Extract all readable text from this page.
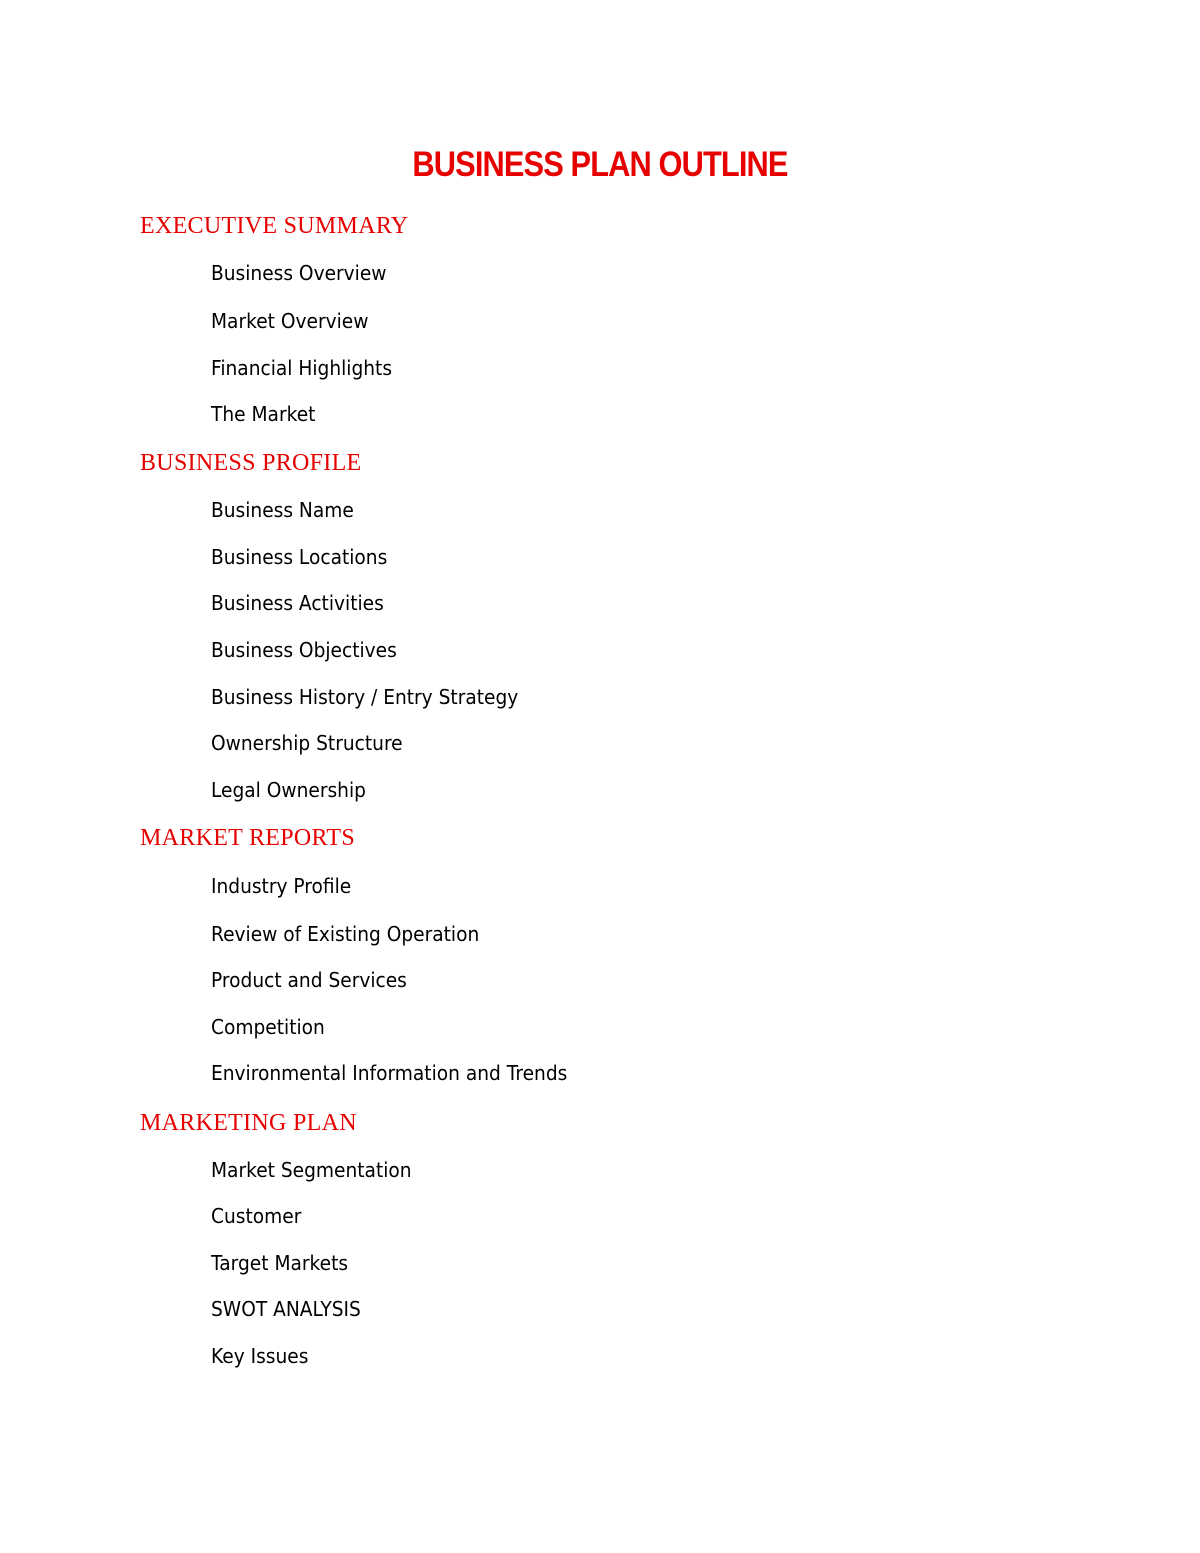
BUSINESS PLAN OUTLINE
EXECUTIVE SUMMARY

Business Overview

Market Overview

Financial Highlights

The Market

BUSINESS PROFILE

Business Name

Business Locations

Business Activities

Business Objectives

Business History / Entry Strategy

Ownership Structure

Legal Ownership

MARKET REPORTS

Industry Profile

Review of Existing Operation

Product and Services

Competition

Environmental Information and Trends

MARKETING PLAN

Market Segmentation

Customer

Target Markets

SWOT ANALYSIS

Key Issues
